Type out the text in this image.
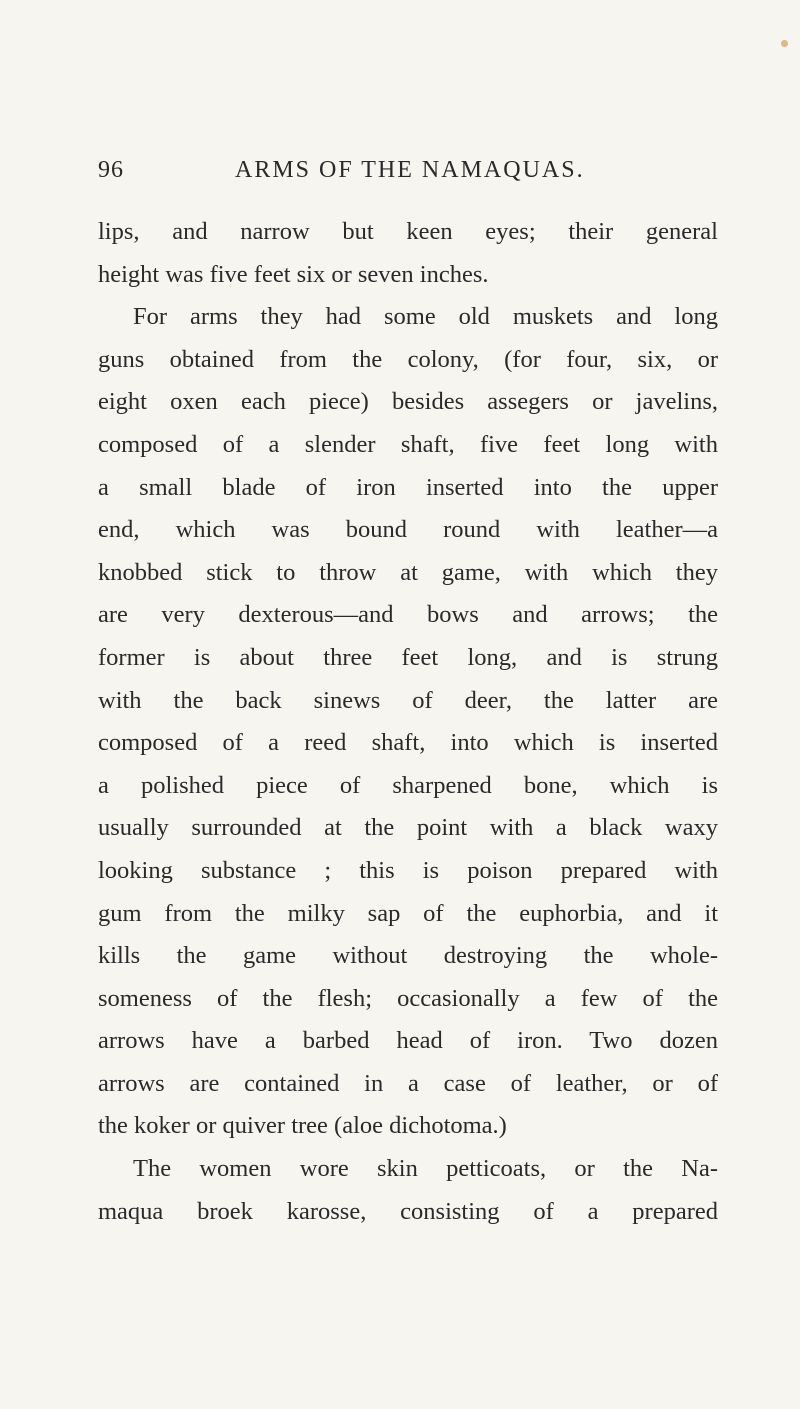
96	ARMS OF THE NAMAQUAS.
lips, and narrow but keen eyes; their general
height was five feet six or seven inches.
For arms they had some old muskets and long
guns obtained from the colony, (for four, six, or
eight oxen each piece) besides assegers or javelins,
composed of a slender shaft, five feet long with
a small blade of iron inserted into the upper
end, which was bound round with leather—a
knobbed stick to throw at game, with which they
are very dexterous—and bows and arrows; the
former is about three feet long, and is strung
with the back sinews of deer, the latter are
composed of a reed shaft, into which is inserted
a polished piece of sharpened bone, which is
usually surrounded at the point with a black waxy
looking substance ; this is poison prepared with
gum from the milky sap of the euphorbia, and it
kills the game without destroying the whole-
someness of the flesh; occasionally a few of the
arrows have a barbed head of iron. Two dozen
arrows are contained in a case of leather, or of
the koker or quiver tree (aloe dichotoma.)
The women wore skin petticoats, or the Na-
maqua broek karosse, consisting of a prepared
